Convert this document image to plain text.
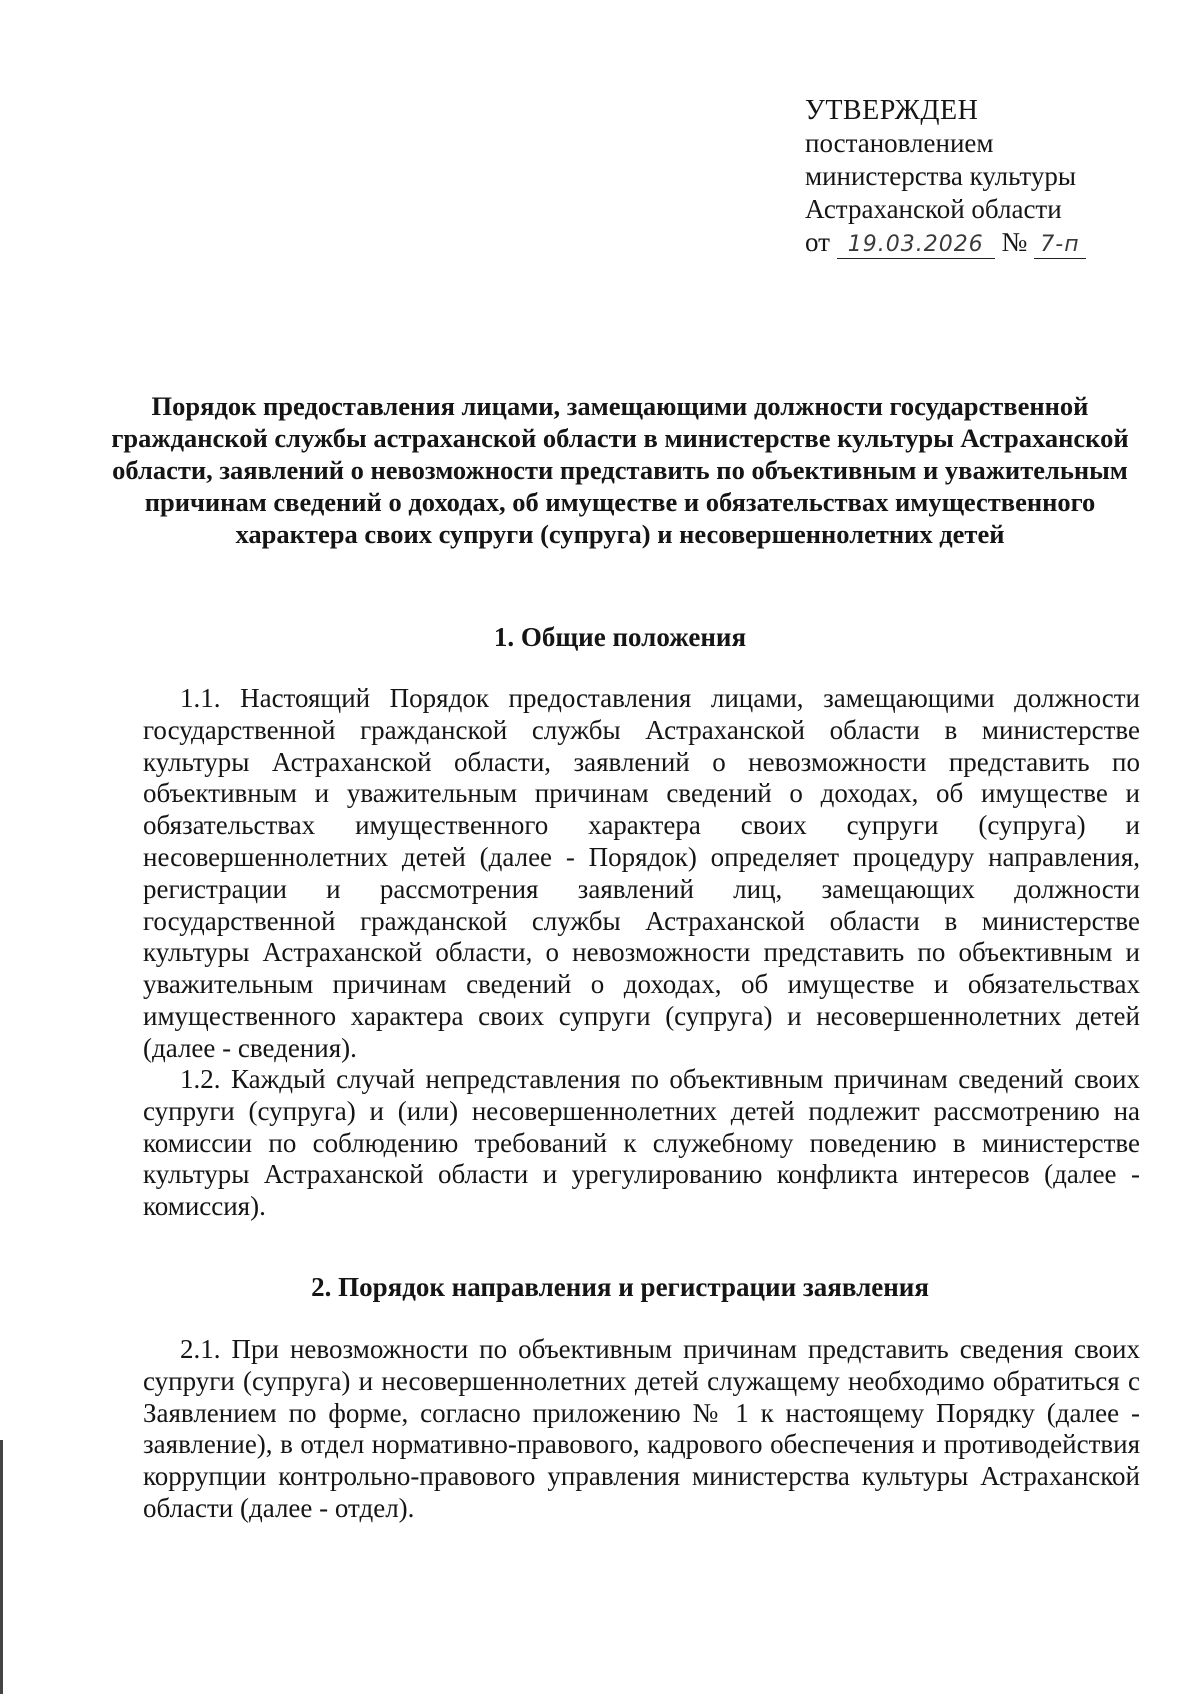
УТВЕРЖДЕН
постановлением
министерства культуры
Астраханской области
от 19.03.2026 № 7-п
Порядок предоставления лицами, замещающими должности государственной гражданской службы астраханской области в министерстве культуры Астраханской области, заявлений о невозможности представить по объективным и уважительным причинам сведений о доходах, об имуществе и обязательствах имущественного характера своих супруги (супруга) и несовершеннолетних детей
1. Общие положения
1.1. Настоящий Порядок предоставления лицами, замещающими должности государственной гражданской службы Астраханской области в министерстве культуры Астраханской области, заявлений о невозможности представить по объективным и уважительным причинам сведений о доходах, об имуществе и обязательствах имущественного характера своих супруги (супруга) и несовершеннолетних детей (далее - Порядок) определяет процедуру направления, регистрации и рассмотрения заявлений лиц, замещающих должности государственной гражданской службы Астраханской области в министерстве культуры Астраханской области, о невозможности представить по объективным и уважительным причинам сведений о доходах, об имуществе и обязательствах имущественного характера своих супруги (супруга) и несовершеннолетних детей (далее - сведения).
1.2. Каждый случай непредставления по объективным причинам сведений своих супруги (супруга) и (или) несовершеннолетних детей подлежит рассмотрению на комиссии по соблюдению требований к служебному поведению в министерстве культуры Астраханской области и урегулированию конфликта интересов (далее - комиссия).
2. Порядок направления и регистрации заявления
2.1. При невозможности по объективным причинам представить сведения своих супруги (супруга) и несовершеннолетних детей служащему необходимо обратиться с Заявлением по форме, согласно приложению № 1 к настоящему Порядку (далее - заявление), в отдел нормативно-правового, кадрового обеспечения и противодействия коррупции контрольно-правового управления министерства культуры Астраханской области (далее - отдел).
